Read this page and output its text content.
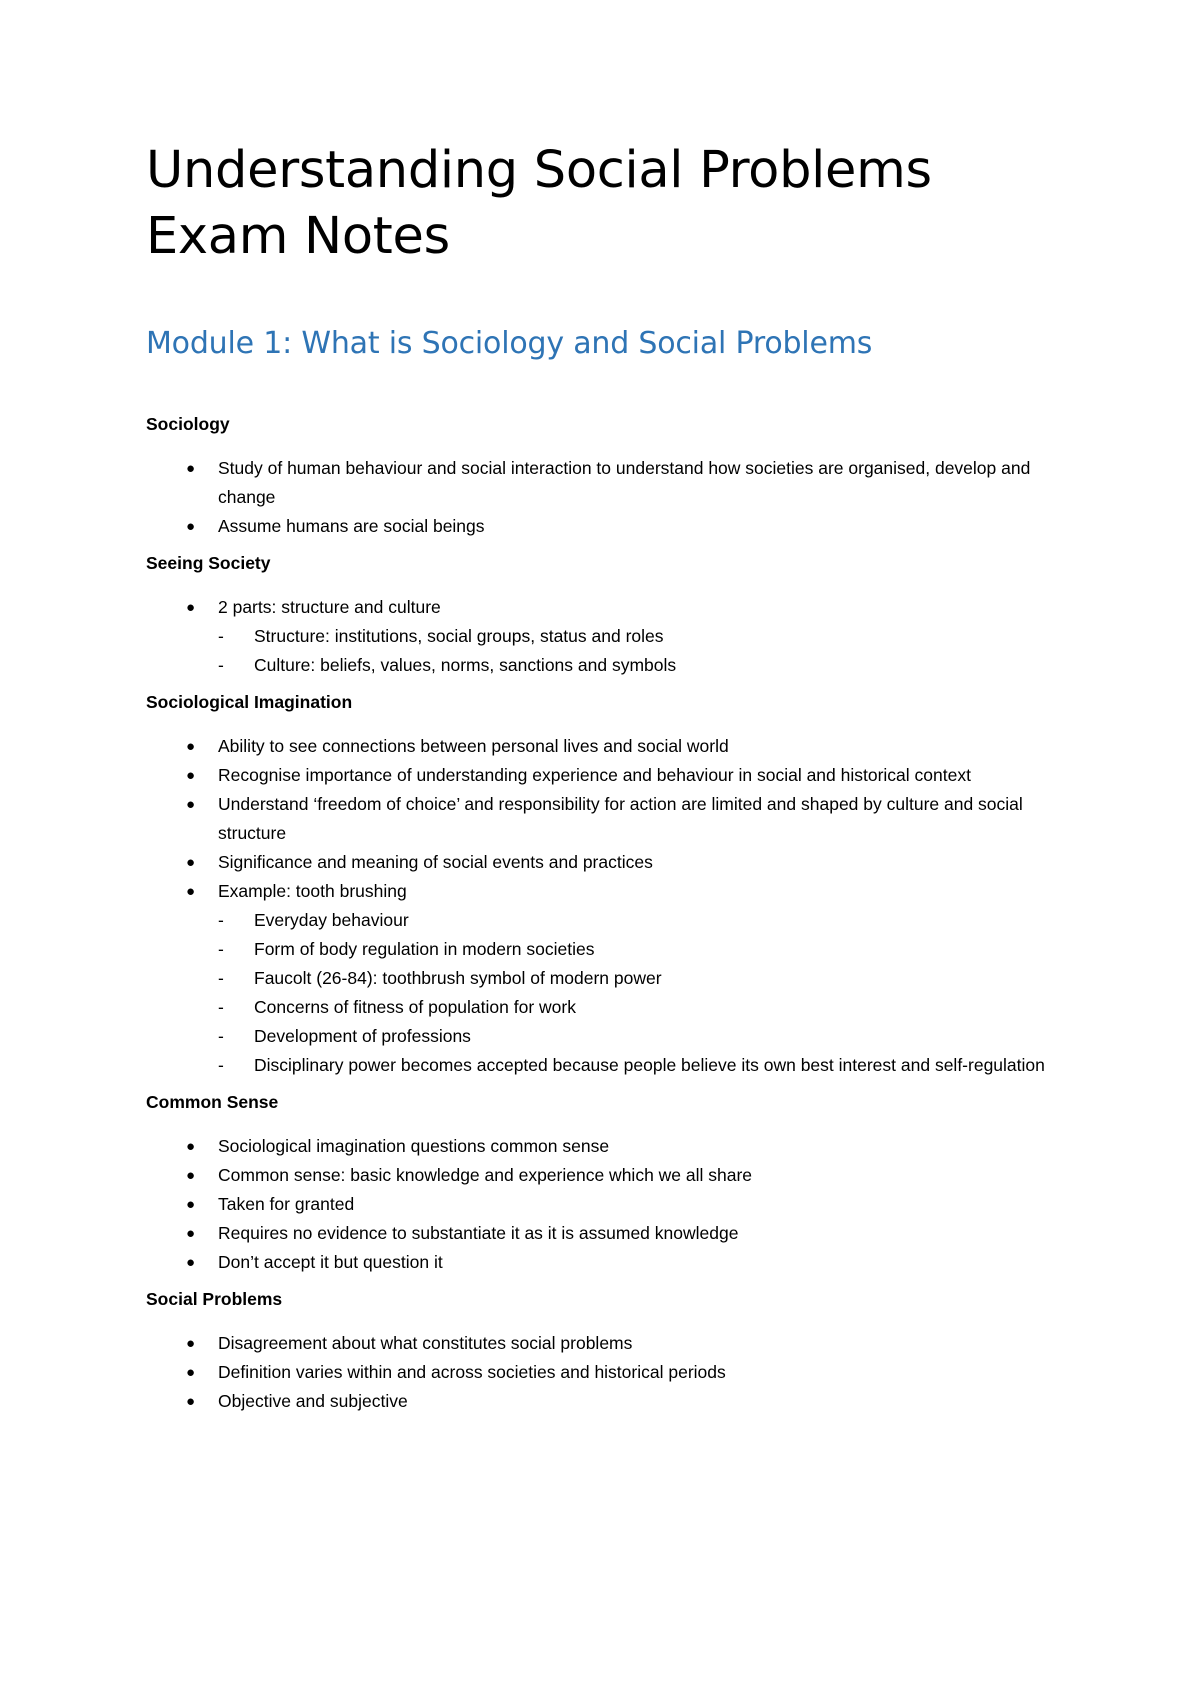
Understanding Social Problems
Exam Notes
Module 1: What is Sociology and Social Problems
Sociology
● Study of human behaviour and social interaction to understand how societies are organised, develop and change
● Assume humans are social beings
Seeing Society
● 2 parts: structure and culture
- Structure: institutions, social groups, status and roles
- Culture: beliefs, values, norms, sanctions and symbols
Sociological Imagination
● Ability to see connections between personal lives and social world
● Recognise importance of understanding experience and behaviour in social and historical context
● Understand ‘freedom of choice’ and responsibility for action are limited and shaped by culture and social structure
● Significance and meaning of social events and practices
● Example: tooth brushing
- Everyday behaviour
- Form of body regulation in modern societies
- Faucolt (26-84): toothbrush symbol of modern power
- Concerns of fitness of population for work
- Development of professions
- Disciplinary power becomes accepted because people believe its own best interest and self-regulation
Common Sense
● Sociological imagination questions common sense
● Common sense: basic knowledge and experience which we all share
● Taken for granted
● Requires no evidence to substantiate it as it is assumed knowledge
● Don’t accept it but question it
Social Problems
● Disagreement about what constitutes social problems
● Definition varies within and across societies and historical periods
● Objective and subjective
